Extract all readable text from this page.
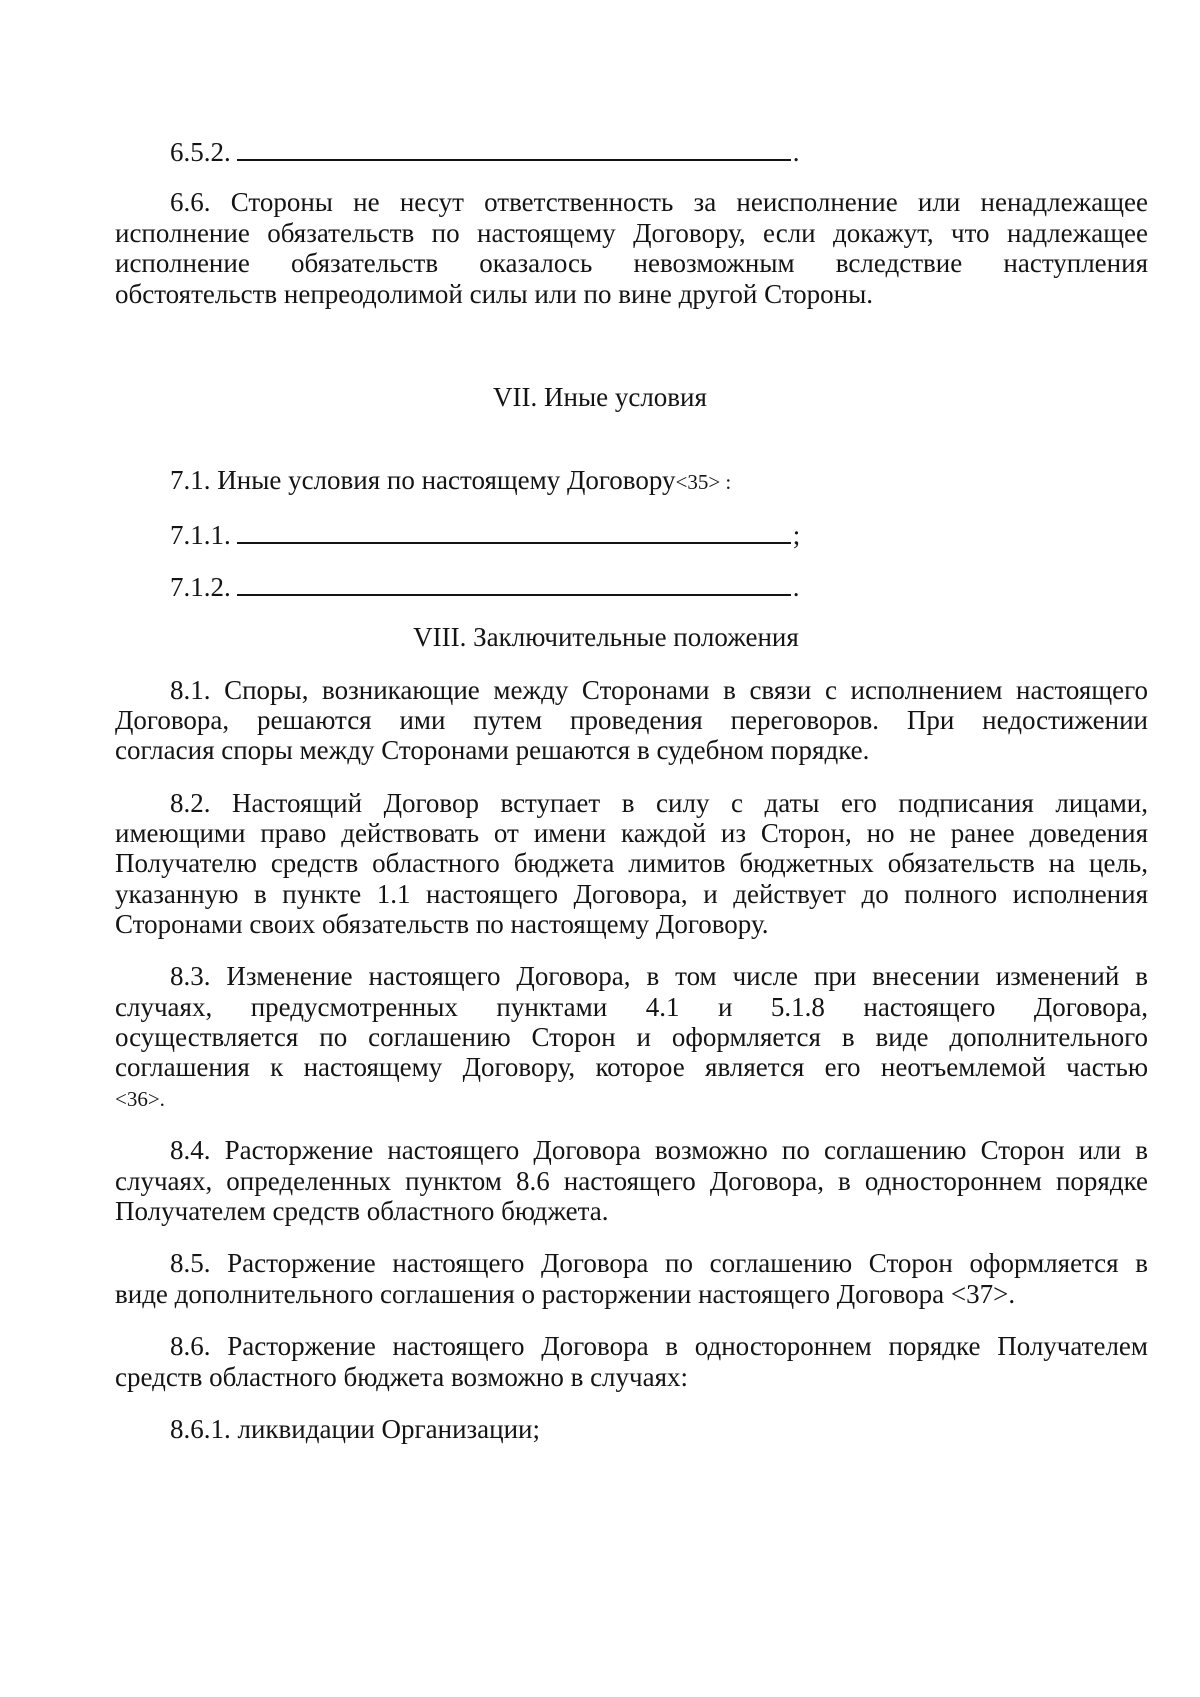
6.5.2.	.
6.6. Стороны не несут ответственность за неисполнение или ненадлежащее
исполнение обязательств по настоящему Договору, если докажут, что надлежащее
исполнение обязательств оказалось невозможным вследствие наступления
обстоятельств непреодолимой силы или по вине другой Стороны.
VII. Иные условия
7.1. Иные условия по настоящему Договору<35> :
7.1.1.	;
7.1.2.	.
VIII. Заключительные положения
8.1. Споры, возникающие между Сторонами в связи с исполнением настоящего
Договора, решаются ими путем проведения переговоров. При недостижении
согласия споры между Сторонами решаются в судебном порядке.
8.2. Настоящий Договор вступает в силу с даты его подписания лицами,
имеющими право действовать от имени каждой из Сторон, но не ранее доведения
Получателю средств областного бюджета лимитов бюджетных обязательств на цель,
указанную в пункте 1.1 настоящего Договора, и действует до полного исполнения
Сторонами своих обязательств по настоящему Договору.
8.3. Изменение настоящего Договора, в том числе при внесении изменений в
случаях, предусмотренных пунктами 4.1 и 5.1.8 настоящего Договора,
осуществляется по соглашению Сторон и оформляется в виде дополнительного
соглашения к настоящему Договору, которое является его неотъемлемой частью
<36>.
8.4. Расторжение настоящего Договора возможно по соглашению Сторон или в
случаях, определенных пунктом 8.6 настоящего Договора, в одностороннем порядке
Получателем средств областного бюджета.
8.5. Расторжение настоящего Договора по соглашению Сторон оформляется в
виде дополнительного соглашения о расторжении настоящего Договора <37>.
8.6. Расторжение настоящего Договора в одностороннем порядке Получателем
средств областного бюджета возможно в случаях:
8.6.1. ликвидации Организации;
